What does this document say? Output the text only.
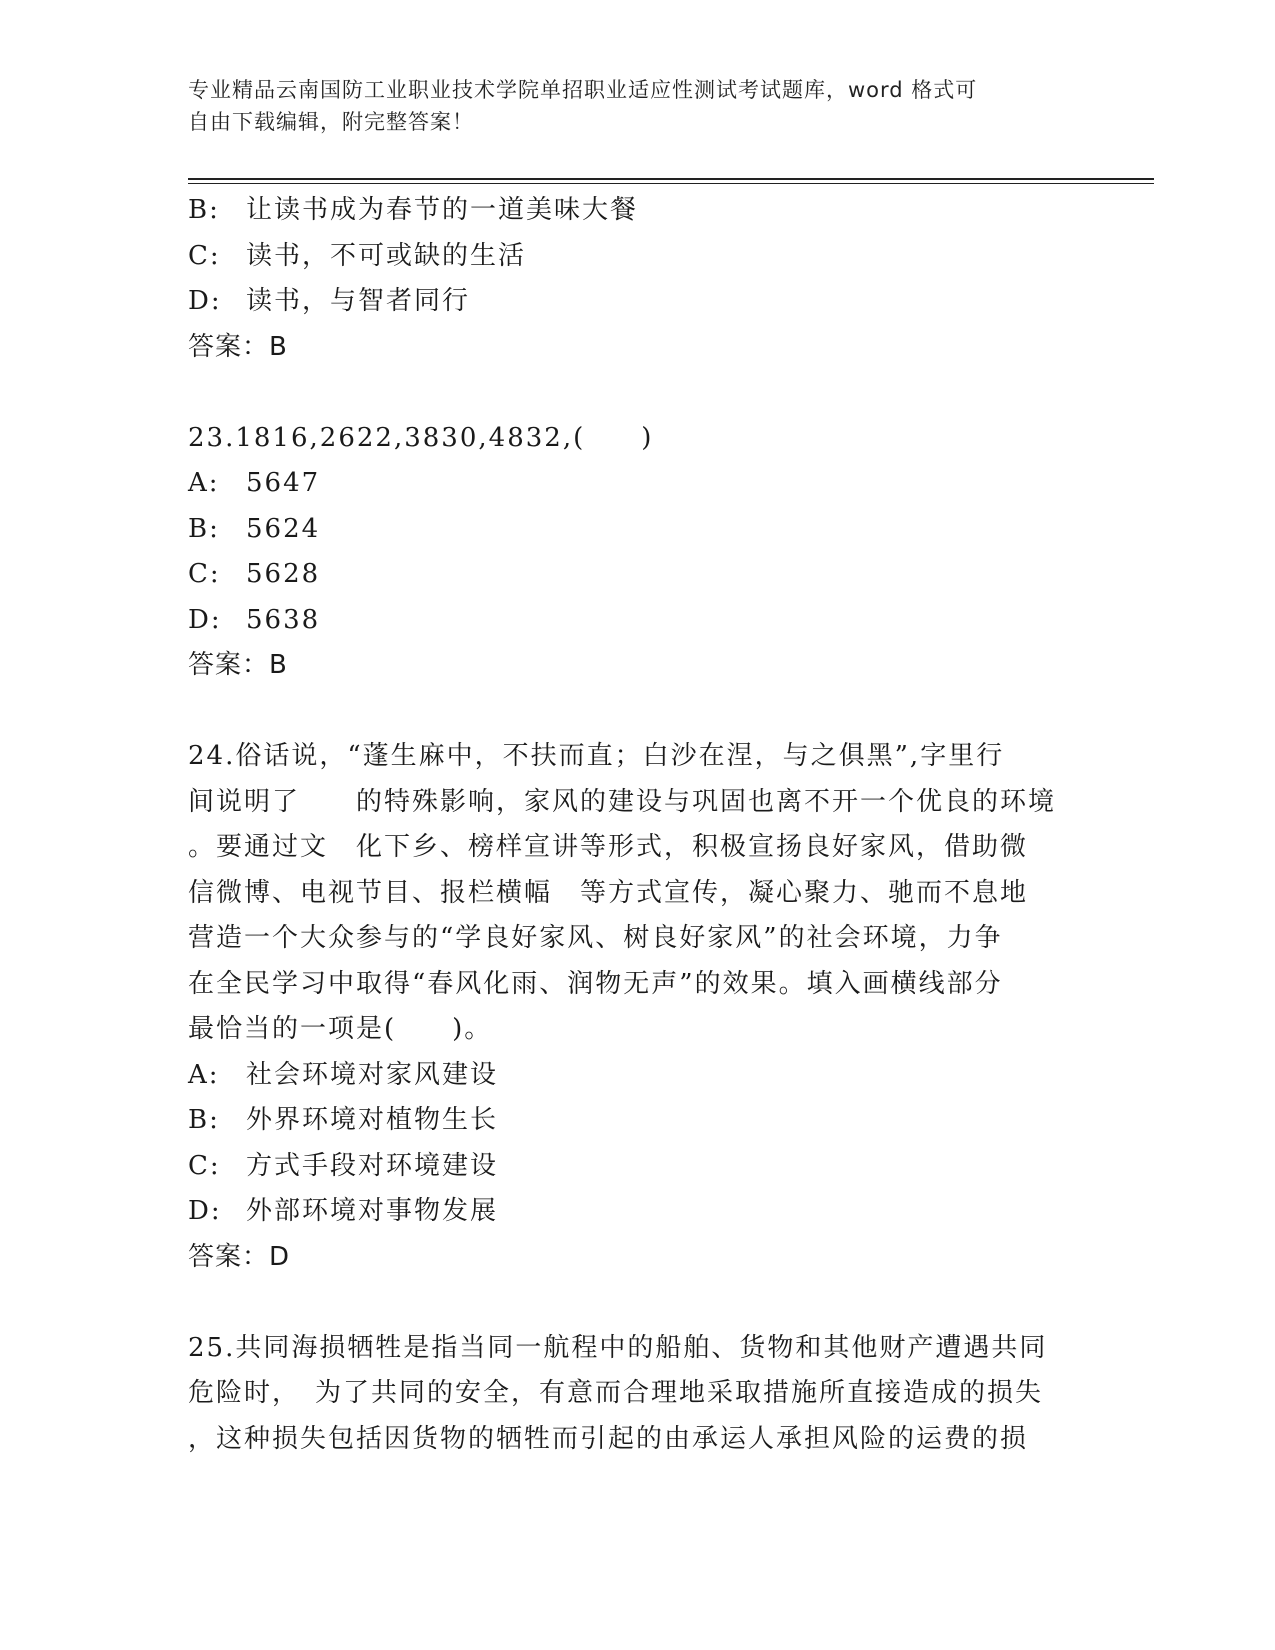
专业精品云南国防工业职业技术学院单招职业适应性测试考试题库，word 格式可
自由下载编辑，附完整答案！
B:	让读书成为春节的一道美味大餐
C: 读书，不可或缺的生活
D: 读书，与智者同行
答案：B
23.1816,2622,3830,4832,(　　)
A:	5647
B:	5624
C: 5628
D: 5638
答案：B
24.俗话说，“蓬生麻中，不扶而直；白沙在涅，与之俱黑”,字里行
间说明了　　的特殊影响，家风的建设与巩固也离不开一个优良的环境
。要通过文　化下乡、榜样宣讲等形式，积极宣扬良好家风，借助微
信微博、电视节目、报栏横幅　等方式宣传，凝心聚力、驰而不息地
营造一个大众参与的“学良好家风、树良好家风”的社会环境，力争
在全民学习中取得“春风化雨、润物无声”的效果。填入画横线部分
最恰当的一项是(　　)。
A:	社会环境对家风建设
B:	外界环境对植物生长
C: 方式手段对环境建设
D: 外部环境对事物发展
答案：D
25.共同海损牺牲是指当同一航程中的船舶、货物和其他财产遭遇共同
危险时，　为了共同的安全，有意而合理地采取措施所直接造成的损失
，这种损失包括因货物的牺牲而引起的由承运人承担风险的运费的损
